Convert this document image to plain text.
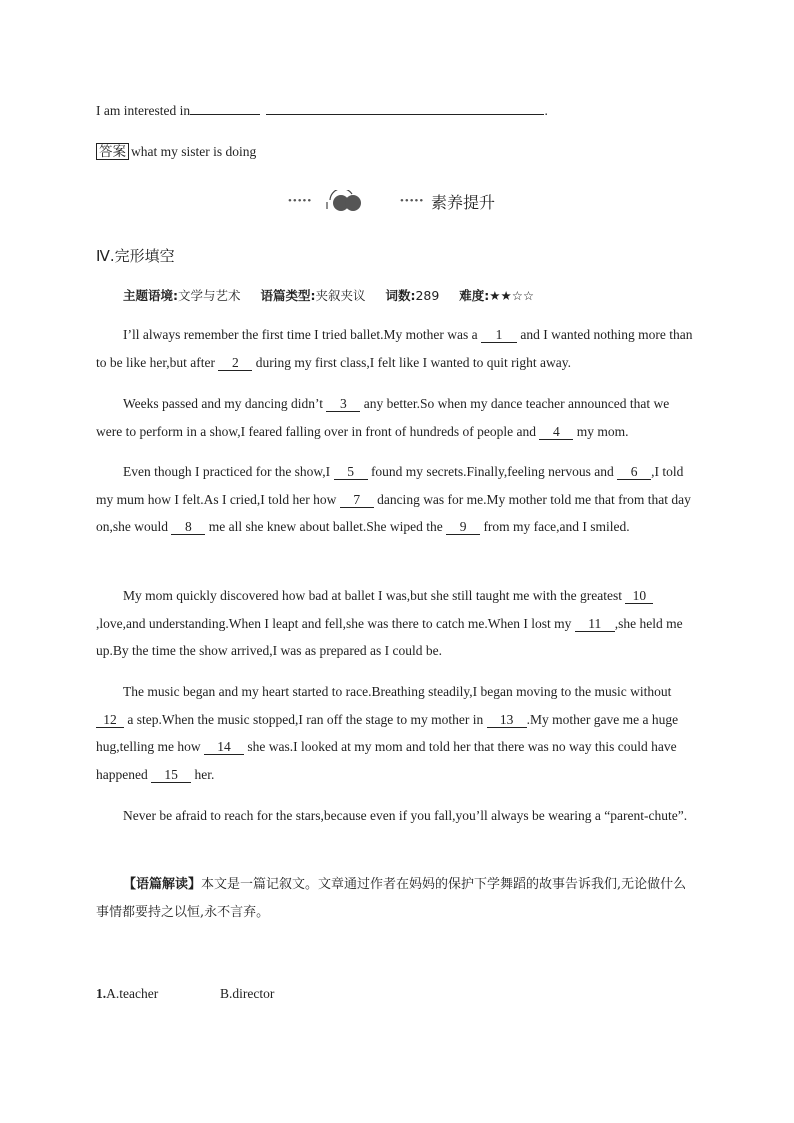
I am interested in	.
答案 what my sister is doing
•••••	••••• 素养提升
Ⅳ.完形填空
主题语境:文学与艺术 语篇类型:夹叙夹议 词数:289 难度:★★☆☆
I’ll always remember the first time I tried ballet.My mother was a 1 and I wanted nothing more than to be like her,but after 2 during my first class,I felt like I wanted to quit right away.
Weeks passed and my dancing didn’t 3 any better.So when my dance teacher announced that we were to perform in a show,I feared falling over in front of hundreds of people and 4 my mom.
Even though I practiced for the show,I 5 found my secrets.Finally,feeling nervous and 6 ,I told my mum how I felt.As I cried,I told her how 7 dancing was for me.My mother told me that from that day on,she would 8 me all she knew about ballet.She wiped the 9 from my face,and I smiled.
My mom quickly discovered how bad at ballet I was,but she still taught me with the greatest 10,love,and understanding.When I leapt and fell,she was there to catch me.When I lost my 11 ,she held me up.By the time the show arrived,I was as prepared as I could be.
The music began and my heart started to race.Breathing steadily,I began moving to the music without 12 a step.When the music stopped,I ran off the stage to my mother in 13 .My mother gave me a huge hug,telling me how 14 she was.I looked at my mom and told her that there was no way this could have happened 15 her.
Never be afraid to reach for the stars,because even if you fall,you’ll always be wearing a “parent-chute”.
【语篇解读】本文是一篇记叙文。文章通过作者在妈妈的保护下学舞蹈的故事告诉我们,无论做什么事情都要持之以恒,永不言弃。
1.A.teacher	B.director
